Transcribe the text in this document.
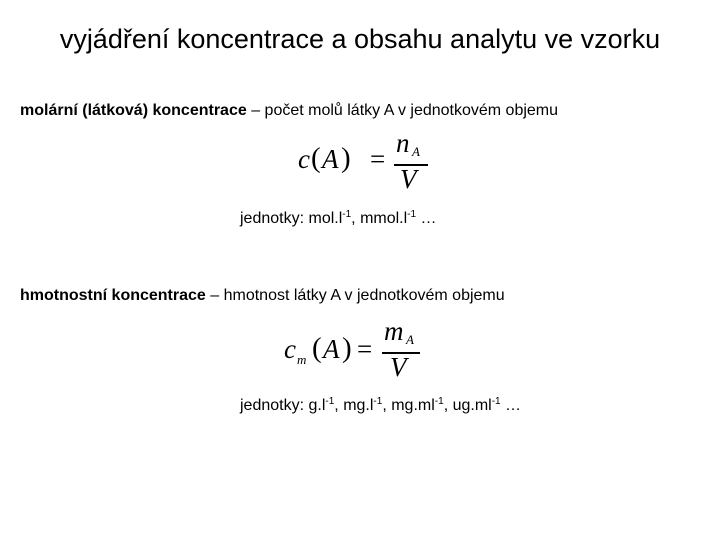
vyjádření koncentrace a obsahu analytu ve vzorku
molární (látková) koncentrace – počet molů látky A v jednotkovém objemu
c ( A ) =
n A
V
jednotky: $mol.l^{-1}$, $mmol.l^{-1}$ …
hmotnostní koncentrace – hmotnost látky A v jednotkovém objemu
c m ( A ) =
m A
V
jednotky: $g.l^{-1}$, $mg.l^{-1}$, $mg.ml^{-1}$, $ug.ml^{-1}$ …
